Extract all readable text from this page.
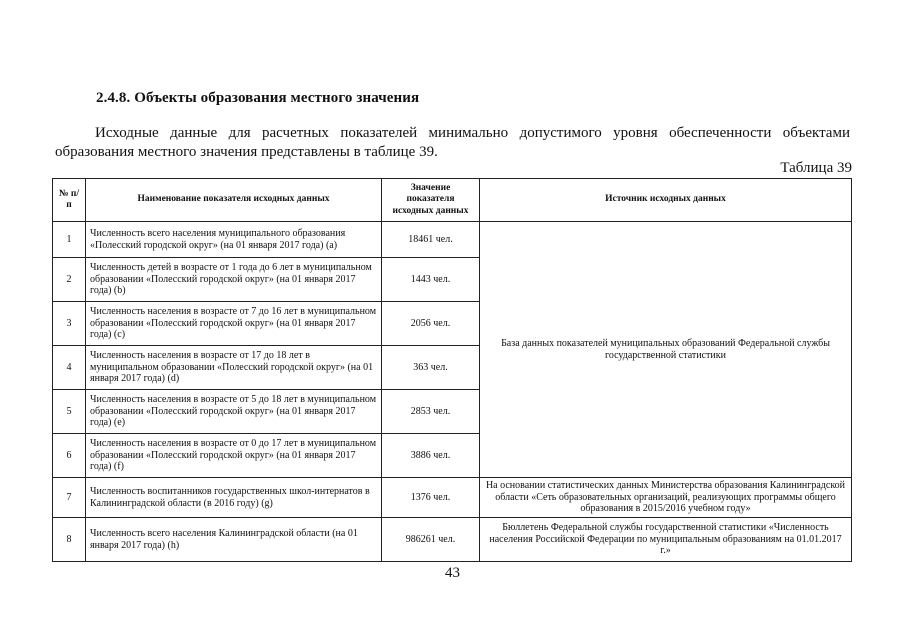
2.4.8. Объекты образования местного значения
Исходные данные для расчетных показателей минимально допустимого уровня обеспеченности объектами образования местного значения представлены в таблице 39.
Таблица 39
№ п/п	Наименование показателя исходных данных	Значение показателя исходных данных	Источник исходных данных
1	Численность всего населения муниципального образования «Полесский городской округ» (на 01 января 2017 года) (a)	18461 чел.	База данных показателей муниципальных образований Федеральной службы государственной статистики
2	Численность детей в возрасте от 1 года до 6 лет в муниципальном образовании «Полесский городской округ» (на 01 января 2017 года) (b)	1443 чел.	
3	Численность населения в возрасте от 7 до 16 лет в муниципальном образовании «Полесский городской округ» (на 01 января 2017 года) (c)	2056 чел.	
4	Численность населения в возрасте от 17 до 18 лет в муниципальном образовании «Полесский городской округ» (на 01 января 2017 года) (d)	363 чел.	
5	Численность населения в возрасте от 5 до 18 лет в муниципальном образовании «Полесский городской округ» (на 01 января 2017 года) (e)	2853 чел.	
6	Численность населения в возрасте от 0 до 17 лет в муниципальном образовании «Полесский городской округ» (на 01 января 2017 года) (f)	3886 чел.	
7	Численность воспитанников государственных школ-интернатов в Калининградской области (в 2016 году) (g)	1376 чел.	На основании статистических данных Министерства образования Калининградской области «Сеть образовательных организаций, реализующих программы общего образования в 2015/2016 учебном году»
8	Численность всего населения Калининградской области (на 01 января 2017 года) (h)	986261 чел.	Бюллетень Федеральной службы государственной статистики «Численность населения Российской Федерации по муниципальным образованиям на 01.01.2017 г.»
43
